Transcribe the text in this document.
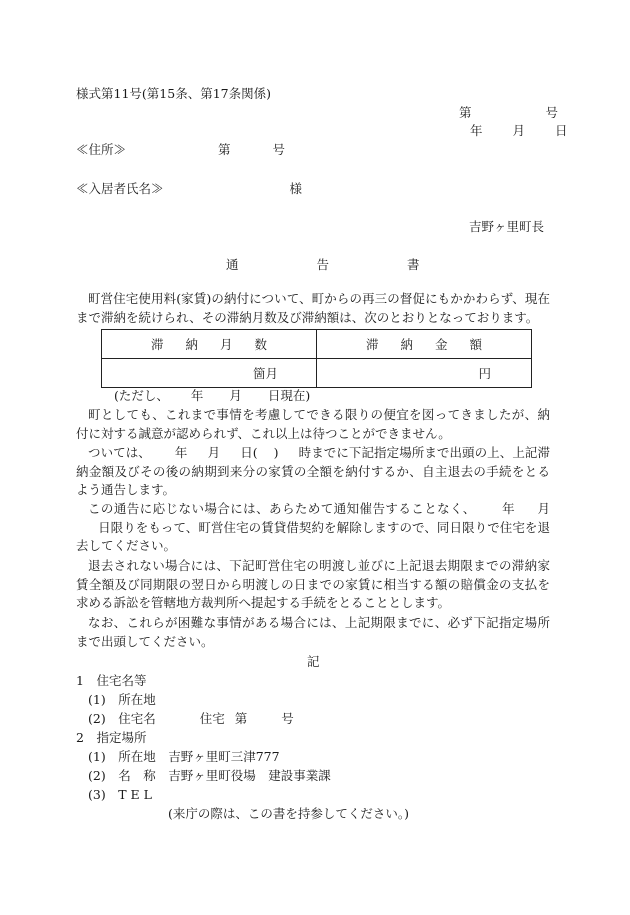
様式第11号(第15条、第17条関係)
第	号
年 月 日
≪住所≫	第	号
≪入居者氏名≫	様
吉野ヶ里町長
通	告	書
町営住宅使用料(家賃)の納付について、町からの再三の督促にもかかわらず、現在まで滞納を続けられ、その滞納月数及び滞納額は、次のとおりとなっております。
滞 納 月 数	滞 納 金 額
箇月	円
(ただし、 年 月 日現在)
町としても、これまで事情を考慮してできる限りの便宜を図ってきましたが、納付に対する誠意が認められず、これ以上は待つことができません。
ついては、 年 月 日( ) 時までに下記指定場所まで出頭の上、上記滞納金額及びその後の納期到来分の家賃の全額を納付するか、自主退去の手続をとるよう通告します。
この通告に応じない場合には、あらためて通知催告することなく、 年 月日限りをもって、町営住宅の賃貸借契約を解除しますので、同日限りで住宅を退去してください。
退去されない場合には、下記町営住宅の明渡し並びに上記退去期限までの滞納家賃全額及び同期限の翌日から明渡しの日までの家賃に相当する額の賠償金の支払を求める訴訟を管轄地方裁判所へ提起する手続をとることとします。
なお、これらが困難な事情がある場合には、上記期限までに、必ず下記指定場所まで出頭してください。
記
1　住宅名等
(1)　所在地
(2)　住宅名	住宅 第	号
2　指定場所
(1)　所在地　吉野ヶ里町三津777
(2)　名　称　吉野ヶ里町役場　建設事業課
(3)　T E L
(来庁の際は、この書を持参してください。)
